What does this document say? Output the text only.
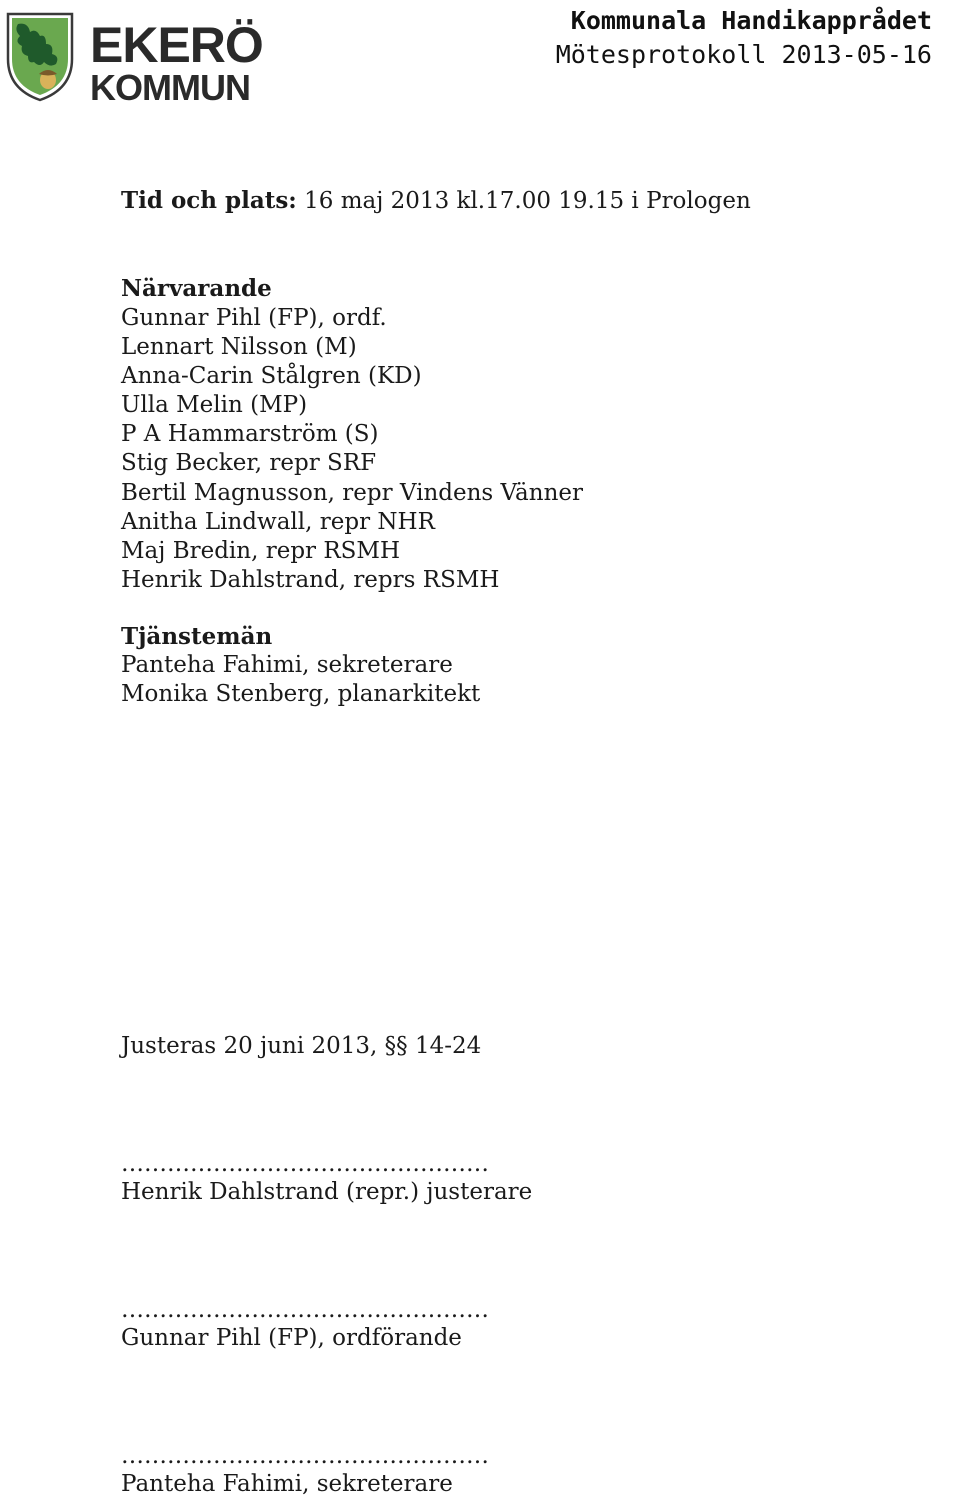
EKERÖ
KOMMUN
Kommunala Handikapprådet
Mötesprotokoll 2013-05-16
Tid och plats: 16 maj 2013 kl.17.00 19.15 i Prologen
Närvarande
Gunnar Pihl (FP), ordf.
Lennart Nilsson (M)
Anna-Carin Stålgren (KD)
Ulla Melin (MP)
P A Hammarström (S)
Stig Becker, repr SRF
Bertil Magnusson, repr Vindens Vänner
Anitha Lindwall, repr NHR
Maj Bredin, repr RSMH
Henrik Dahlstrand, reprs RSMH
Tjänstemän
Panteha Fahimi, sekreterare
Monika Stenberg, planarkitekt
Justeras 20 juni 2013, §§ 14-24
…………………………………………
Henrik Dahlstrand (repr.) justerare
…………………………………………
Gunnar Pihl (FP), ordförande
…………………………………………
Panteha Fahimi, sekreterare
